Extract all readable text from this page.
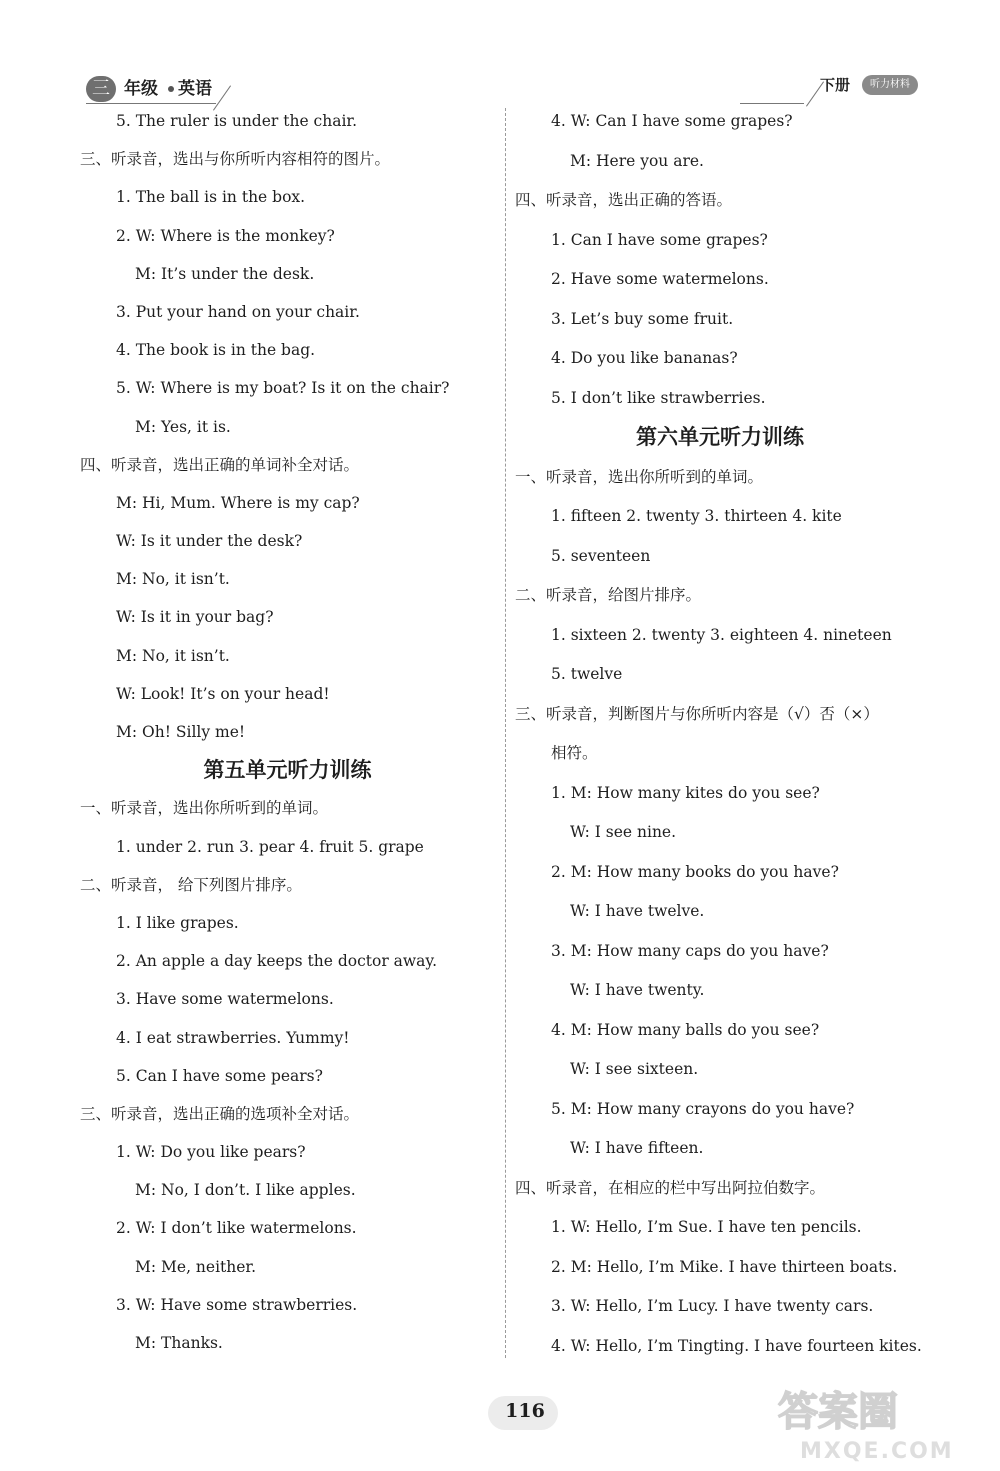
三 年级 英语	下册	听力材料
5. The ruler is under the chair.
三、听录音，选出与你所听内容相符的图片。
1. The ball is in the box.
2. W: Where is the monkey?
M: It’s under the desk.
3. Put your hand on your chair.
4. The book is in the bag.
5. W: Where is my boat? Is it on the chair?
M: Yes, it is.
四、听录音，选出正确的单词补全对话。
M: Hi, Mum. Where is my cap?
W: Is it under the desk?
M: No, it isn’t.
W: Is it in your bag?
M: No, it isn’t.
W: Look! It’s on your head!
M: Oh! Silly me!
第五单元听力训练
一、听录音，选出你所听到的单词。
1. under 2. run 3. pear 4. fruit 5. grape
二、听录音， 给下列图片排序。
1. I like grapes.
2. An apple a day keeps the doctor away.
3. Have some watermelons.
4. I eat strawberries. Yummy!
5. Can I have some pears?
三、听录音，选出正确的选项补全对话。
1. W: Do you like pears?
M: No, I don’t. I like apples.
2. W: I don’t like watermelons.
M: Me, neither.
3. W: Have some strawberries.
M: Thanks.
4. W: Can I have some grapes?
M: Here you are.
四、听录音，选出正确的答语。
1. Can I have some grapes?
2. Have some watermelons.
3. Let’s buy some fruit.
4. Do you like bananas?
5. I don’t like strawberries.
第六单元听力训练
一、听录音，选出你所听到的单词。
1. fifteen 2. twenty 3. thirteen 4. kite
5. seventeen
二、听录音，给图片排序。
1. sixteen 2. twenty 3. eighteen 4. nineteen
5. twelve
三、听录音，判断图片与你所听内容是（√）否（×）
相符。
1. M: How many kites do you see?
W: I see nine.
2. M: How many books do you have?
W: I have twelve.
3. M: How many caps do you have?
W: I have twenty.
4. M: How many balls do you see?
W: I see sixteen.
5. M: How many crayons do you have?
W: I have fifteen.
四、听录音，在相应的栏中写出阿拉伯数字。
1. W: Hello, I’m Sue. I have ten pencils.
2. M: Hello, I’m Mike. I have thirteen boats.
3. W: Hello, I’m Lucy. I have twenty cars.
4. W: Hello, I’m Tingting. I have fourteen kites.
116	答案圈
MXQE.COM
